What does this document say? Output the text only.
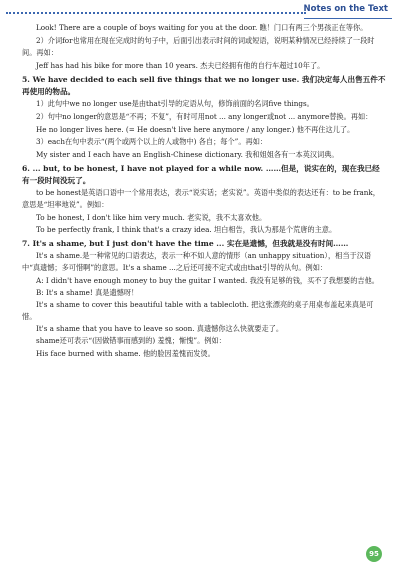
Notes on the Text

Look! There are a couple of boys waiting for you at the door. 瞧！门口有两三个男孩正在等你。

2）介词for也常用在现在完成时的句子中，后面引出表示时间的词或短语，说明某种情况已经持续了一段时间。再如：

Jeff has had his bike for more than 10 years. 杰夫已经拥有他的自行车超过10年了。

5. We have decided to each sell five things that we no longer use. 我们决定每人出售五件不再使用的物品。

1）此句中we no longer use是由that引导的定语从句，修饰前面的名词five things。

2）句中no longer的意思是“不再；不复”，有时可用not ... any longer或not ... anymore替换。再如：

He no longer lives here. (= He doesn't live here anymore / any longer.) 他不再住这儿了。

3）each在句中表示“(两个或两个以上的人或物中) 各自；每个”。再如：

My sister and I each have an English-Chinese dictionary. 我和姐姐各有一本英汉词典。

6. ... but, to be honest, I have not played for a while now. ……但是，说实在的，现在我已经有一段时间没玩了。

to be honest是英语口语中一个常用表达，表示“说实话；老实说”。英语中类似的表达还有：to be frank，意思是“坦率地说”。例如：

To be honest, I don't like him very much. 老实说，我不太喜欢他。

To be perfectly frank, I think that's a crazy idea. 坦白相告，我认为那是个荒唐的主意。

7. It's a shame, but I just don't have the time ... 实在是遗憾，但我就是没有时间……

It's a shame.是一种常见的口语表达，表示一种不如人意的情形（an unhappy situation），相当于汉语中“真遗憾；多可惜啊”的意思。It's a shame ...之后还可接不定式或由that引导的从句。例如：

A: I didn't have enough money to buy the guitar I wanted. 我没有足够的钱，买不了我想要的吉他。

B: It's a shame! 真是遗憾呀！

It's a shame to cover this beautiful table with a tablecloth. 把这张漂亮的桌子用桌布盖起来真是可惜。

It's a shame that you have to leave so soon. 真遗憾你这么快就要走了。

shame还可表示“(因做错事而感到的) 羞愧；惭愧”。例如：

His face burned with shame. 他的脸因羞愧而发烫。

95
